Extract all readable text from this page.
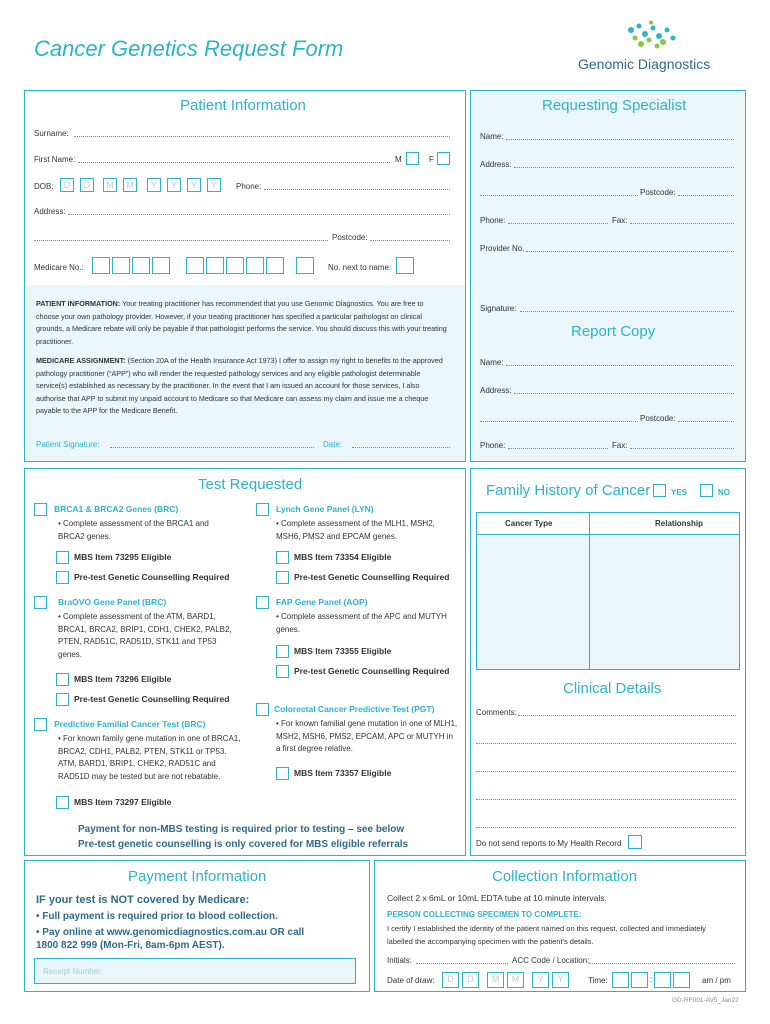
Cancer Genetics Request Form
Genomic Diagnostics
Patient Information
Surname:
First Name:	M	F
DOB:	D	D	M	M	Y	Y	Y	Y	Phone:
Address:
Postcode:
Medicare No.:	No. next to name:
PATIENT INFORMATION: Your treating practitioner has recommended that you use Genomic Diagnostics. You are free to choose your own pathology provider. However, if your treating practitioner has specified a particular pathologist on clinical grounds, a Medicare rebate will only be payable if that pathologist performs the service. You should discuss this with your treating practitioner.
MEDICARE ASSIGNMENT: (Section 20A of the Health Insurance Act 1973) I offer to assign my right to benefits to the approved pathology practitioner (“APP”) who will render the requested pathology services and any eligible pathologist determinable service(s) established as necessary by the practitioner. In the event that I am issued an account for those services, I also authorise that APP to submit my unpaid account to Medicare so that Medicare can assess my claim and issue me a cheque payable to the APP for the Medicare Benefit.
Patient Signature:	Date:
Requesting Specialist
Name:
Address:
Postcode:
Phone:	Fax:
Provider No.
Signature:
Report Copy
Name:
Address:
Postcode:
Phone:	Fax:
Test Requested
BRCA1 & BRCA2 Genes (BRC)
• Complete assessment of the BRCA1 and BRCA2 genes.
MBS Item 73295 Eligible
Pre-test Genetic Counselling Required
Lynch Gene Panel (LYN)
• Complete assessment of the MLH1, MSH2, MSH6, PMS2 and EPCAM genes.
MBS Item 73354 Eligible
Pre-test Genetic Counselling Required
BraOVO Gene Panel (BRC)
• Complete assessment of the ATM, BARD1, BRCA1, BRCA2, BRIP1, CDH1, CHEK2, PALB2, PTEN, RAD51C, RAD51D, STK11 and TP53 genes.
MBS Item 73296 Eligible
Pre-test Genetic Counselling Required
FAP Gene Panel (AOP)
• Complete assessment of the APC and MUTYH genes.
MBS Item 73355 Eligible
Pre-test Genetic Counselling Required
Predictive Familial Cancer Test (BRC)
• For known family gene mutation in one of BRCA1, BRCA2, CDH1, PALB2, PTEN, STK11 or TP53. ATM, BARD1, BRIP1, CHEK2, RAD51C and RAD51D may be tested but are not rebatable.
MBS Item 73297 Eligible
Colorectal Cancer Predictive Test (PGT)
• For known familial gene mutation in one of MLH1, MSH2, MSH6, PMS2, EPCAM, APC or MUTYH in a first degree relative.
MBS Item 73357 Eligible
Payment for non-MBS testing is required prior to testing – see below
Pre-test genetic counselling is only covered for MBS eligible referrals
Family History of Cancer	YES	NO
Cancer Type	Relationship
Clinical Details
Comments:
Do not send reports to My Health Record
Payment Information
IF your test is NOT covered by Medicare:
• Full payment is required prior to blood collection.
• Pay online at www.genomicdiagnostics.com.au OR call 1800 822 999 (Mon-Fri, 8am-6pm AEST).
Receipt Number:
Collection Information
Collect 2 x 6mL or 10mL EDTA tube at 10 minute intervals.
PERSON COLLECTING SPECIMEN TO COMPLETE:
I certify I established the identity of the patient named on this request, collected and immediately labelled the accompanying specimen with the patient's details.
Initials:	ACC Code / Location:
Date of draw:	D	D	M	M	Y	Y	Time:	:	am / pm
GD-RF001-AV5_Jan22
